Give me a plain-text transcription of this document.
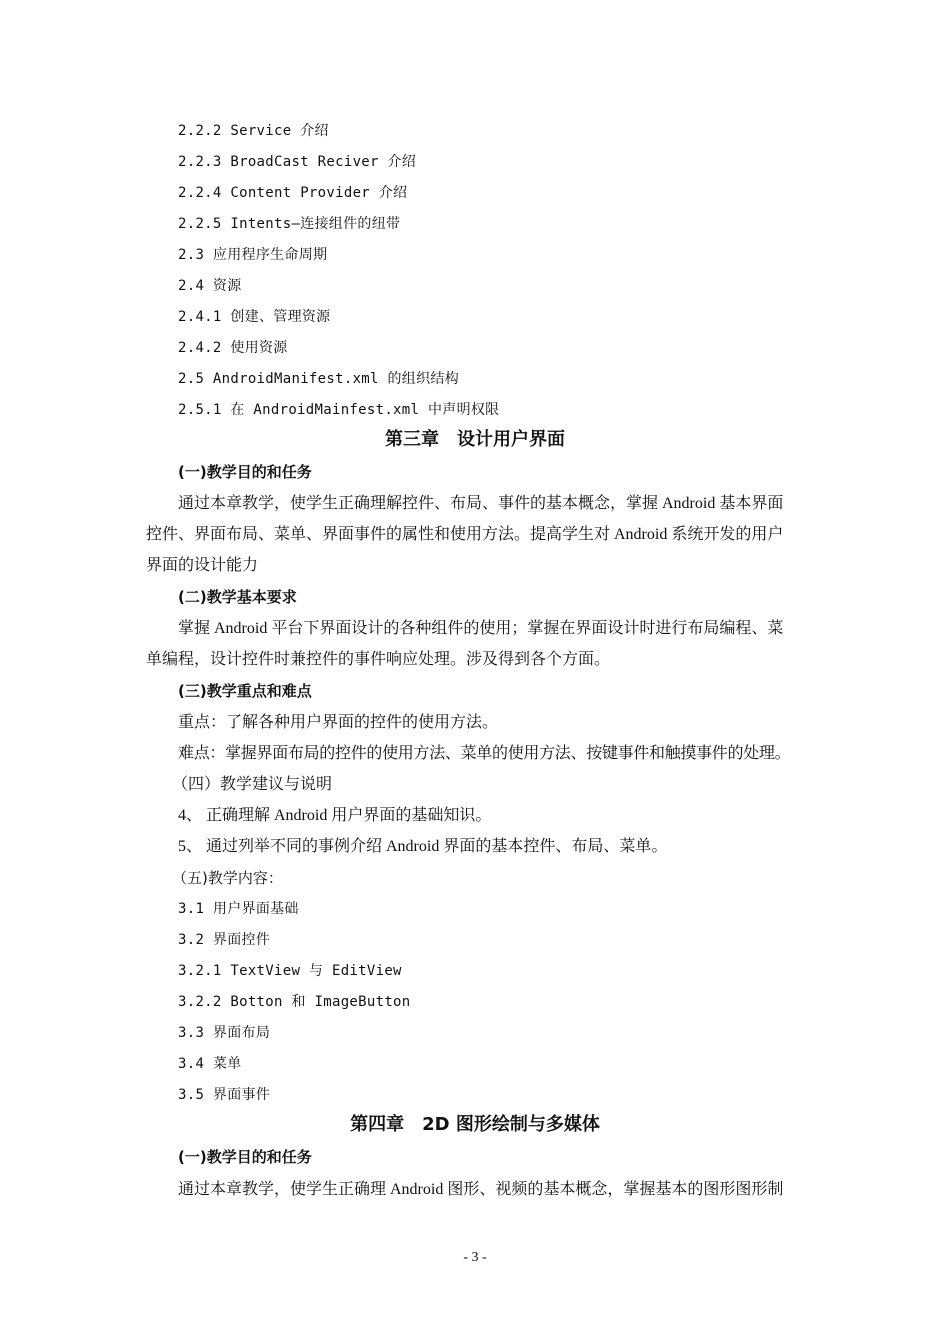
2.2.2 Service 介绍
2.2.3 BroadCast Reciver 介绍
2.2.4 Content Provider 介绍
2.2.5 Intents—连接组件的纽带
2.3 应用程序生命周期
2.4 资源
2.4.1 创建、管理资源
2.4.2 使用资源
2.5 AndroidManifest.xml 的组织结构
2.5.1 在 AndroidMainfest.xml 中声明权限
第三章　设计用户界面
(一)教学目的和任务
通过本章教学，使学生正确理解控件、布局、事件的基本概念，掌握 Android 基本界面
控件、界面布局、菜单、界面事件的属性和使用方法。提高学生对 Android 系统开发的用户
界面的设计能力
(二)教学基本要求
掌握 Android 平台下界面设计的各种组件的使用；掌握在界面设计时进行布局编程、菜
单编程，设计控件时兼控件的事件响应处理。涉及得到各个方面。
(三)教学重点和难点
重点：了解各种用户界面的控件的使用方法。
难点：掌握界面布局的控件的使用方法、菜单的使用方法、按键事件和触摸事件的处理。
（四）教学建议与说明
4、 正确理解 Android 用户界面的基础知识。
5、 通过列举不同的事例介绍 Android 界面的基本控件、布局、菜单。
（五)教学内容：
3.1 用户界面基础
3.2 界面控件
3.2.1 TextView 与 EditView
3.2.2 Botton 和 ImageButton
3.3 界面布局
3.4 菜单
3.5 界面事件
第四章　2D 图形绘制与多媒体
(一)教学目的和任务
通过本章教学，使学生正确理 Android 图形、视频的基本概念，掌握基本的图形图形制
- 3 -
